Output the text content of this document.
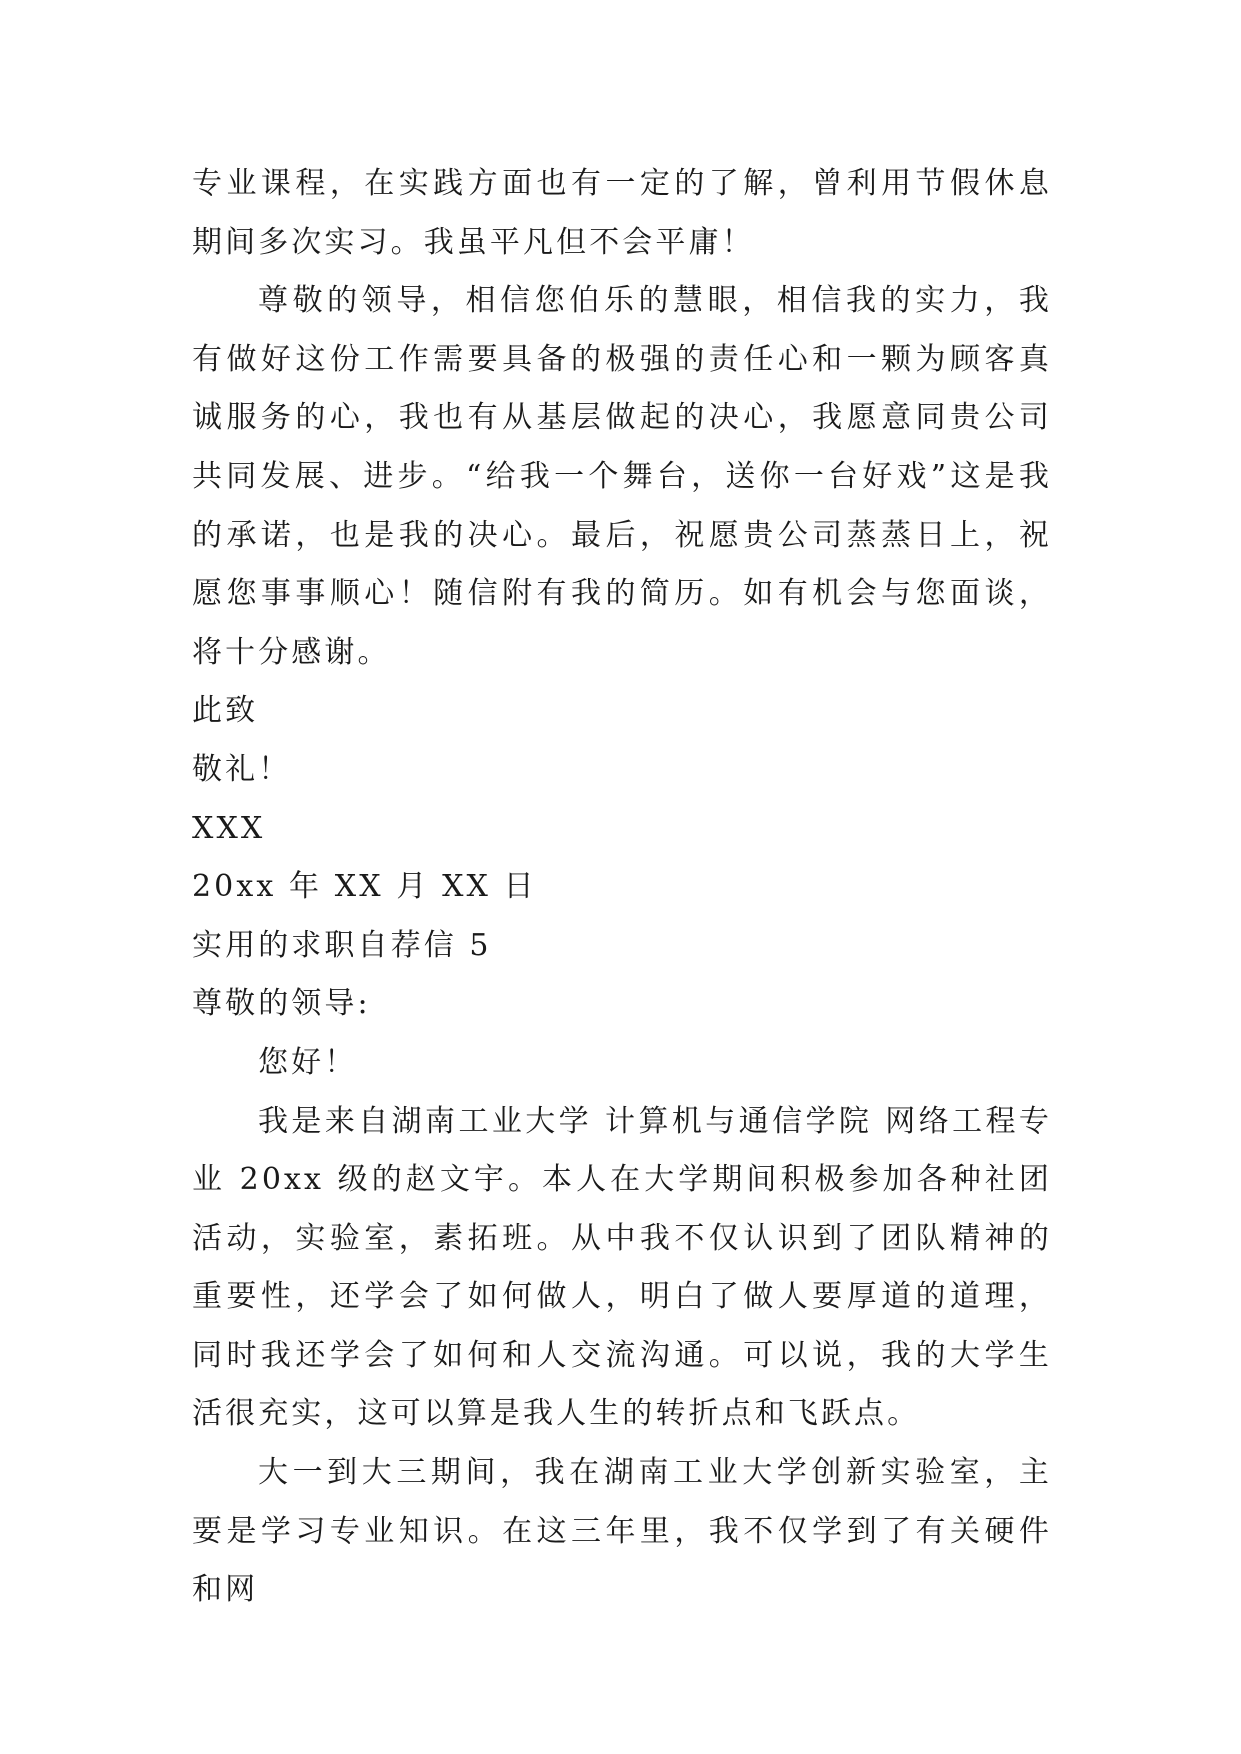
专业课程，在实践方面也有一定的了解，曾利用节假休息期间多次实习。我虽平凡但不会平庸！

尊敬的领导，相信您伯乐的慧眼，相信我的实力，我有做好这份工作需要具备的极强的责任心和一颗为顾客真诚服务的心，我也有从基层做起的决心，我愿意同贵公司共同发展、进步。“给我一个舞台，送你一台好戏”这是我的承诺，也是我的决心。最后，祝愿贵公司蒸蒸日上，祝愿您事事顺心！随信附有我的简历。如有机会与您面谈，将十分感谢。

此致

敬礼！

XXX

20xx 年 XX 月 XX 日

实用的求职自荐信 5

尊敬的领导:

您好！

我是来自湖南工业大学 计算机与通信学院 网络工程专业 20xx 级的赵文宇。本人在大学期间积极参加各种社团活动，实验室，素拓班。从中我不仅认识到了团队精神的重要性，还学会了如何做人，明白了做人要厚道的道理，同时我还学会了如何和人交流沟通。可以说，我的大学生活很充实，这可以算是我人生的转折点和飞跃点。

大一到大三期间，我在湖南工业大学创新实验室，主要是学习专业知识。在这三年里，我不仅学到了有关硬件和网
